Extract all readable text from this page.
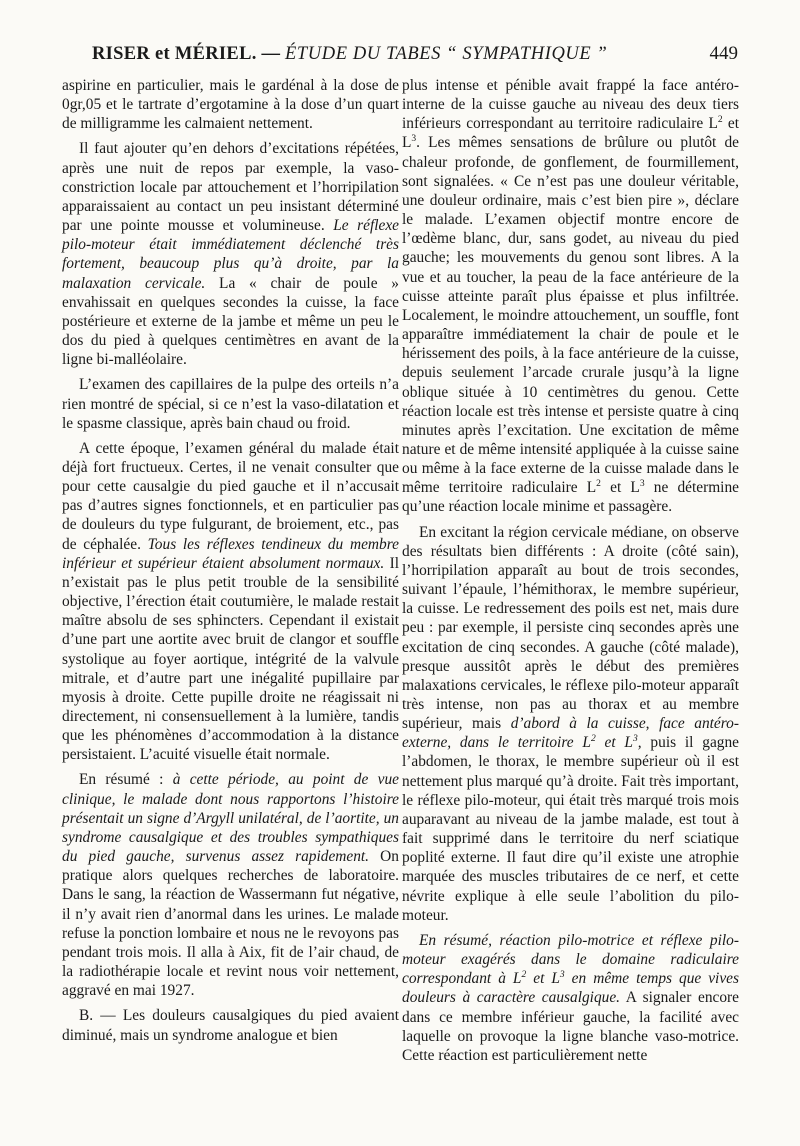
RISER et MÉRIEL. — ÉTUDE DU TABES “ SYMPATHIQUE ”	449

aspirine en particulier, mais le gardénal à la dose de 0gr,05 et le tartrate d’ergotamine à la dose d’un quart de milligramme les calmaient nettement.

Il faut ajouter qu’en dehors d’excitations répétées, après une nuit de repos par exemple, la vaso-constriction locale par attouchement et l’horripilation apparaissaient au contact un peu insistant déterminé par une pointe mousse et volumineuse. Le réflexe pilo-moteur était immédiatement déclenché très fortement, beaucoup plus qu’à droite, par la malaxation cervicale. La « chair de poule » envahissait en quelques secondes la cuisse, la face postérieure et externe de la jambe et même un peu le dos du pied à quelques centimètres en avant de la ligne bi-malléolaire.

L’examen des capillaires de la pulpe des orteils n’a rien montré de spécial, si ce n’est la vaso-dilatation et le spasme classique, après bain chaud ou froid.

A cette époque, l’examen général du malade était déjà fort fructueux. Certes, il ne venait consulter que pour cette causalgie du pied gauche et il n’accusait pas d’autres signes fonctionnels, et en particulier pas de douleurs du type fulgurant, de broiement, etc., pas de céphalée. Tous les réflexes tendineux du membre inférieur et supérieur étaient absolument normaux. Il n’existait pas le plus petit trouble de la sensibilité objective, l’érection était coutumière, le malade restait maître absolu de ses sphincters. Cependant il existait d’une part une aortite avec bruit de clangor et souffle systolique au foyer aortique, intégrité de la valvule mitrale, et d’autre part une inégalité pupillaire par myosis à droite. Cette pupille droite ne réagissait ni directement, ni consensuellement à la lumière, tandis que les phénomènes d’accommodation à la distance persistaient. L’acuité visuelle était normale.

En résumé : à cette période, au point de vue clinique, le malade dont nous rapportons l’histoire présentait un signe d’Argyll unilatéral, de l’aortite, un syndrome causalgique et des troubles sympathiques du pied gauche, survenus assez rapidement. On pratique alors quelques recherches de laboratoire. Dans le sang, la réaction de Wassermann fut négative, il n’y avait rien d’anormal dans les urines. Le malade refuse la ponction lombaire et nous ne le revoyons pas pendant trois mois. Il alla à Aix, fit de l’air chaud, de la radiothérapie locale et revint nous voir nettement, aggravé en mai 1927.

B. — Les douleurs causalgiques du pied avaient diminué, mais un syndrome analogue et bien

plus intense et pénible avait frappé la face antéro-interne de la cuisse gauche au niveau des deux tiers inférieurs correspondant au territoire radiculaire $L^2$ et $L^3$. Les mêmes sensations de brûlure ou plutôt de chaleur profonde, de gonflement, de fourmillement, sont signalées. « Ce n’est pas une douleur véritable, une douleur ordinaire, mais c’est bien pire », déclare le malade. L’examen objectif montre encore de l’œdème blanc, dur, sans godet, au niveau du pied gauche; les mouvements du genou sont libres. A la vue et au toucher, la peau de la face antérieure de la cuisse atteinte paraît plus épaisse et plus infiltrée. Localement, le moindre attouchement, un souffle, font apparaître immédiatement la chair de poule et le hérissement des poils, à la face antérieure de la cuisse, depuis seulement l’arcade crurale jusqu’à la ligne oblique située à 10 centimètres du genou. Cette réaction locale est très intense et persiste quatre à cinq minutes après l’excitation. Une excitation de même nature et de même intensité appliquée à la cuisse saine ou même à la face externe de la cuisse malade dans le même territoire radiculaire $L^2$ et $L^3$ ne détermine qu’une réaction locale minime et passagère.

En excitant la région cervicale médiane, on observe des résultats bien différents : A droite (côté sain), l’horripilation apparaît au bout de trois secondes, suivant l’épaule, l’hémithorax, le membre supérieur, la cuisse. Le redressement des poils est net, mais dure peu : par exemple, il persiste cinq secondes après une excitation de cinq secondes. A gauche (côté malade), presque aussitôt après le début des premières malaxations cervicales, le réflexe pilo-moteur apparaît très intense, non pas au thorax et au membre supérieur, mais d’abord à la cuisse, face antéro-externe, dans le territoire $L^2$ et $L^3$, puis il gagne l’abdomen, le thorax, le membre supérieur où il est nettement plus marqué qu’à droite. Fait très important, le réflexe pilo-moteur, qui était très marqué trois mois auparavant au niveau de la jambe malade, est tout à fait supprimé dans le territoire du nerf sciatique poplité externe. Il faut dire qu’il existe une atrophie marquée des muscles tributaires de ce nerf, et cette névrite explique à elle seule l’abolition du pilo-moteur.

En résumé, réaction pilo-motrice et réflexe pilo-moteur exagérés dans le domaine radiculaire correspondant à $L^2$ et $L^3$ en même temps que vives douleurs à caractère causalgique. A signaler encore dans ce membre inférieur gauche, la facilité avec laquelle on provoque la ligne blanche vaso-motrice. Cette réaction est particulièrement nette
